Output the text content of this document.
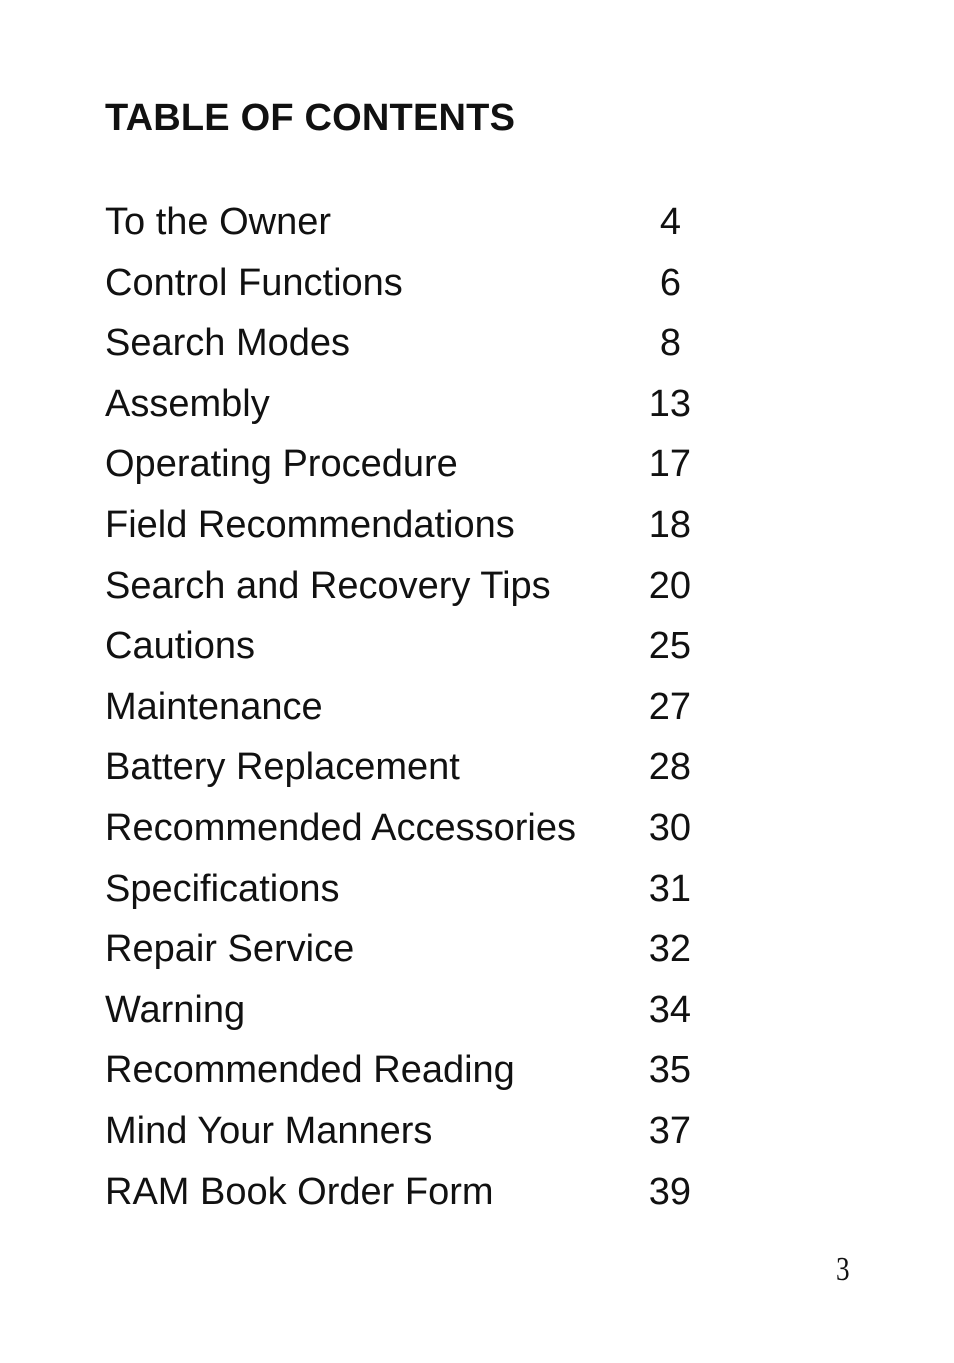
TABLE OF CONTENTS
To the Owner	4
Control Functions	6
Search Modes	8
Assembly	13
Operating Procedure	17
Field Recommendations	18
Search and Recovery Tips	20
Cautions	25
Maintenance	27
Battery Replacement	28
Recommended Accessories 30
Specifications	31
Repair Service	32
Warning	34
Recommended Reading	35
Mind Your Manners	37
RAM Book Order Form	39
3
